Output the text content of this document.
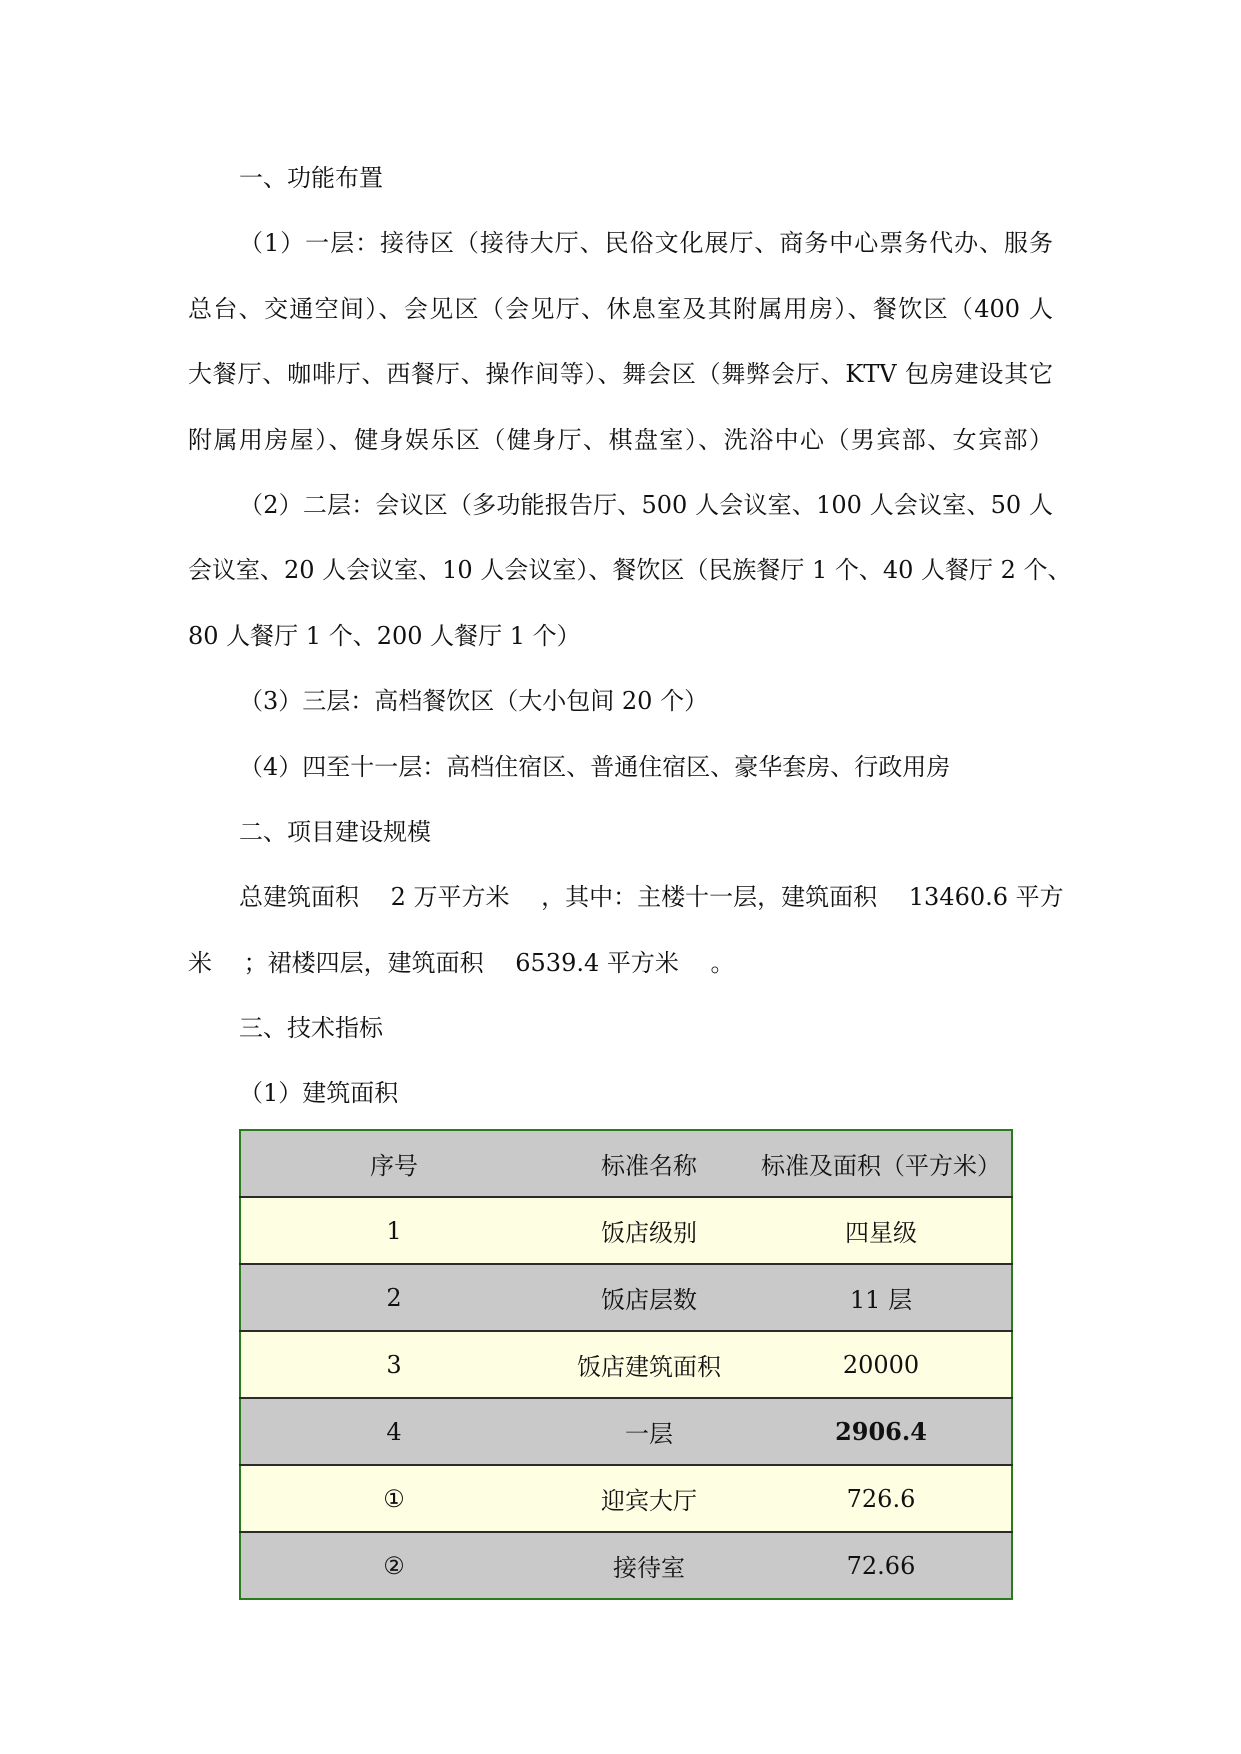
一、功能布置
（1）一层：接待区（接待大厅、民俗文化展厅、商务中心票务代办、服务
总台、交通空间）、会见区（会见厅、休息室及其附属用房）、餐饮区（400 人
大餐厅、咖啡厅、西餐厅、操作间等）、舞会区（舞弊会厅、KTV 包房建设其它
附属用房屋）、健身娱乐区（健身厅、棋盘室）、洗浴中心（男宾部、女宾部）
（2）二层：会议区（多功能报告厅、500 人会议室、100 人会议室、50 人
会议室、20 人会议室、10 人会议室）、餐饮区（民族餐厅 1 个、40 人餐厅 2 个、
80 人餐厅 1 个、200 人餐厅 1 个）
（3）三层：高档餐饮区（大小包间 20 个）
（4）四至十一层：高档住宿区、普通住宿区、豪华套房、行政用房
二、项目建设规模
总建筑面积 　2 万平方米 　，其中：主楼十一层，建筑面积 　13460.6 平方
米 　；裙楼四层，建筑面积 　6539.4 平方米 　。
三、技术指标
（1）建筑面积
序号	标准名称	标准及面积（平方米）
1	饭店级别	四星级
2	饭店层数	11 层
3	饭店建筑面积	20000
4	一层	2906.4
①	迎宾大厅	726.6
②	接待室	72.66
